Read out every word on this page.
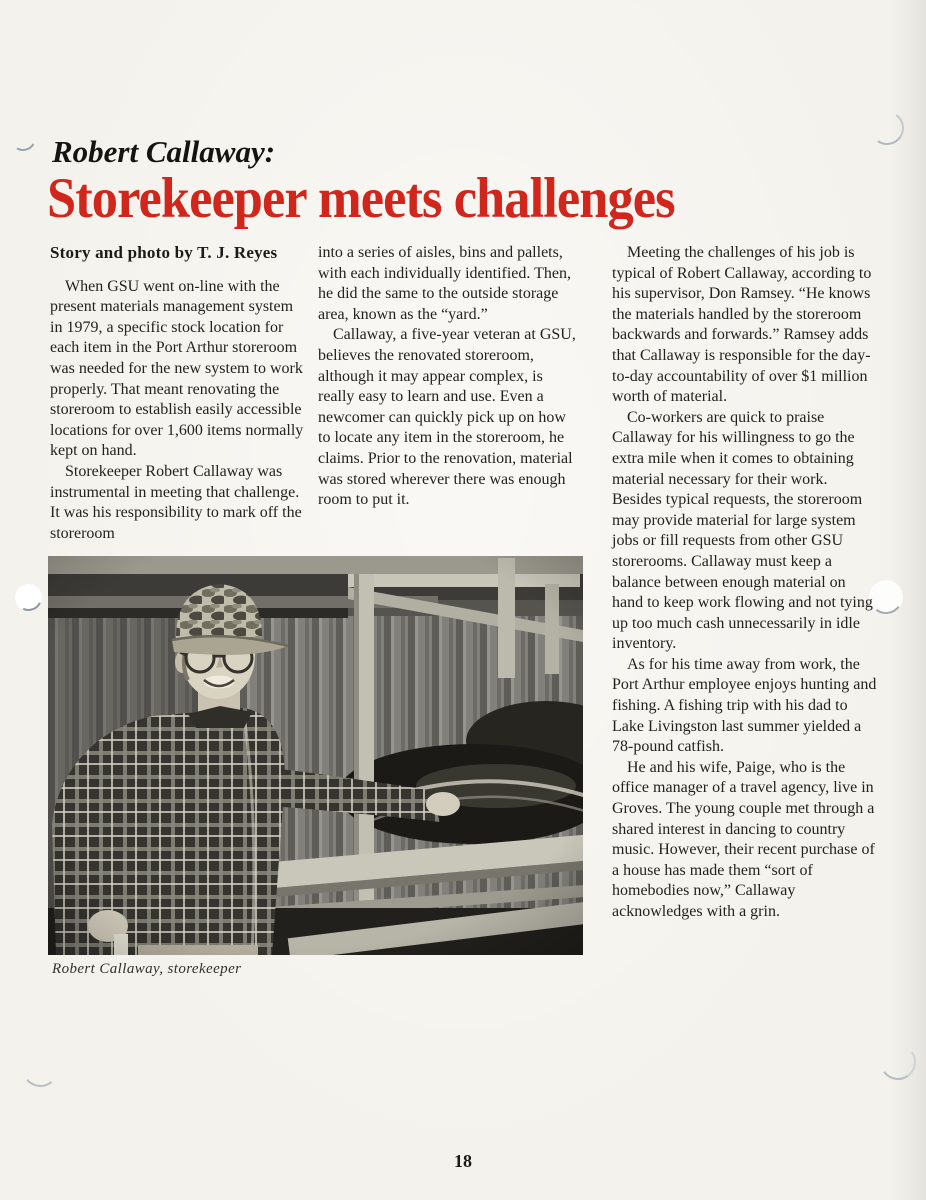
Robert Callaway:
Storekeeper meets challenges
Story and photo by T. J. Reyes

When GSU went on-line with the present materials management system in 1979, a specific stock location for each item in the Port Arthur storeroom was needed for the new system to work properly. That meant renovating the storeroom to establish easily accessible locations for over 1,600 items normally kept on hand.

Storekeeper Robert Callaway was instrumental in meeting that challenge. It was his responsibility to mark off the storeroom

into a series of aisles, bins and pallets, with each individually identified. Then, he did the same to the outside storage area, known as the “yard.”

Callaway, a five-year veteran at GSU, believes the renovated storeroom, although it may appear complex, is really easy to learn and use. Even a newcomer can quickly pick up on how to locate any item in the storeroom, he claims. Prior to the renovation, material was stored wherever there was enough room to put it.

Meeting the challenges of his job is typical of Robert Callaway, according to his supervisor, Don Ramsey. “He knows the materials handled by the storeroom backwards and forwards.” Ramsey adds that Callaway is responsible for the day-to-day accountability of over $1 million worth of material.

Co-workers are quick to praise Callaway for his willingness to go the extra mile when it comes to obtaining material necessary for their work. Besides typical requests, the storeroom may provide material for large system jobs or fill requests from other GSU storerooms. Callaway must keep a balance between enough material on hand to keep work flowing and not tying up too much cash unnecessarily in idle inventory.

As for his time away from work, the Port Arthur employee enjoys hunting and fishing. A fishing trip with his dad to Lake Livingston last summer yielded a 78-pound catfish.

He and his wife, Paige, who is the office manager of a travel agency, live in Groves. The young couple met through a shared interest in dancing to country music. However, their recent purchase of a house has made them “sort of homebodies now,” Callaway acknowledges with a grin.

Robert Callaway, storekeeper
18
